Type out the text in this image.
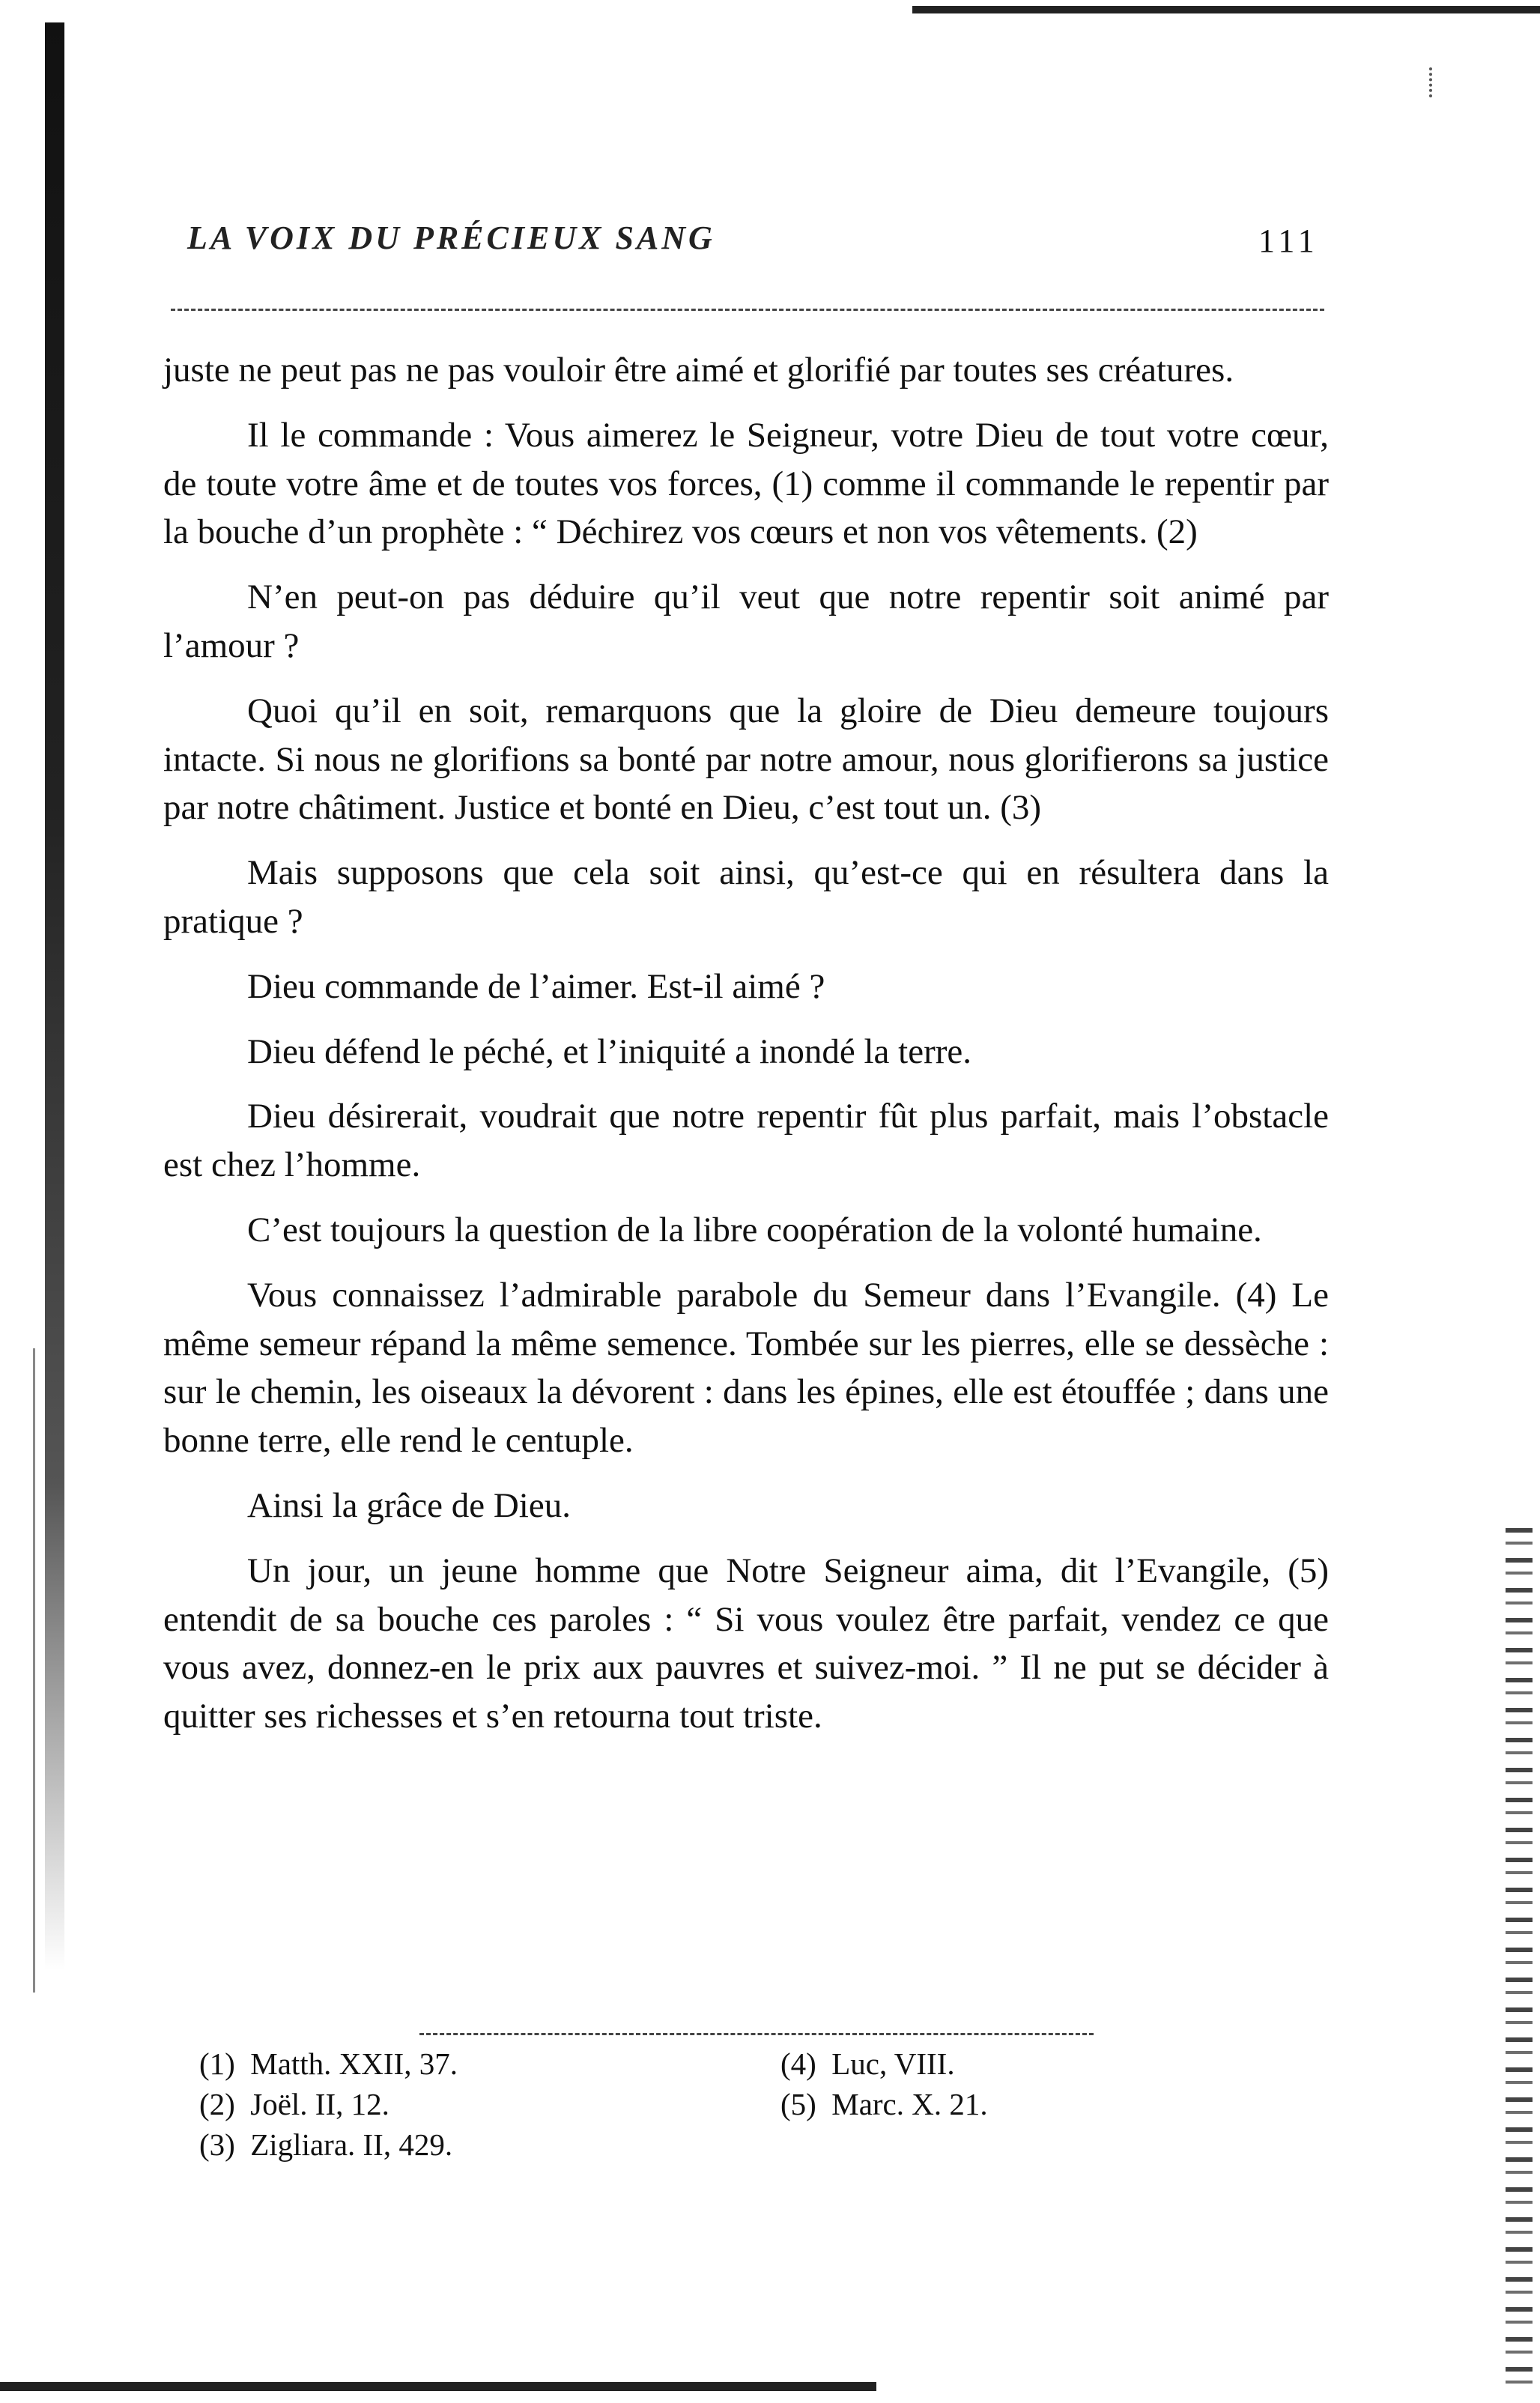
LA VOIX DU PRÉCIEUX SANG	111

juste ne peut pas ne pas vouloir être aimé et glorifié par toutes ses créatures.

Il le commande : Vous aimerez le Seigneur, votre Dieu de tout votre cœur, de toute votre âme et de toutes vos forces, (1) comme il commande le repentir par la bouche d’un prophète : “ Déchirez vos cœurs et non vos vêtements. (2)

N’en peut-on pas déduire qu’il veut que notre repentir soit animé par l’amour ?

Quoi qu’il en soit, remarquons que la gloire de Dieu demeure toujours intacte. Si nous ne glorifions sa bonté par notre amour, nous glorifierons sa justice par notre châtiment. Justice et bonté en Dieu, c’est tout un. (3)

Mais supposons que cela soit ainsi, qu’est-ce qui en résultera dans la pratique ?

Dieu commande de l’aimer. Est-il aimé ?

Dieu défend le péché, et l’iniquité a inondé la terre.

Dieu désirerait, voudrait que notre repentir fût plus parfait, mais l’obstacle est chez l’homme.

C’est toujours la question de la libre coopération de la volonté humaine.

Vous connaissez l’admirable parabole du Semeur dans l’Evangile. (4) Le même semeur répand la même semence. Tombée sur les pierres, elle se dessèche : sur le chemin, les oiseaux la dévorent : dans les épines, elle est étouffée ; dans une bonne terre, elle rend le centuple.

Ainsi la grâce de Dieu.

Un jour, un jeune homme que Notre Seigneur aima, dit l’Evangile, (5) entendit de sa bouche ces paroles : “ Si vous voulez être parfait, vendez ce que vous avez, donnez-en le prix aux pauvres et suivez-moi. ” Il ne put se décider à quitter ses richesses et s’en retourna tout triste.

(1) Matth. XXII, 37.
(2) Joël. II, 12.
(3) Zigliara. II, 429.
(4) Luc, VIII.
(5) Marc. X. 21.
